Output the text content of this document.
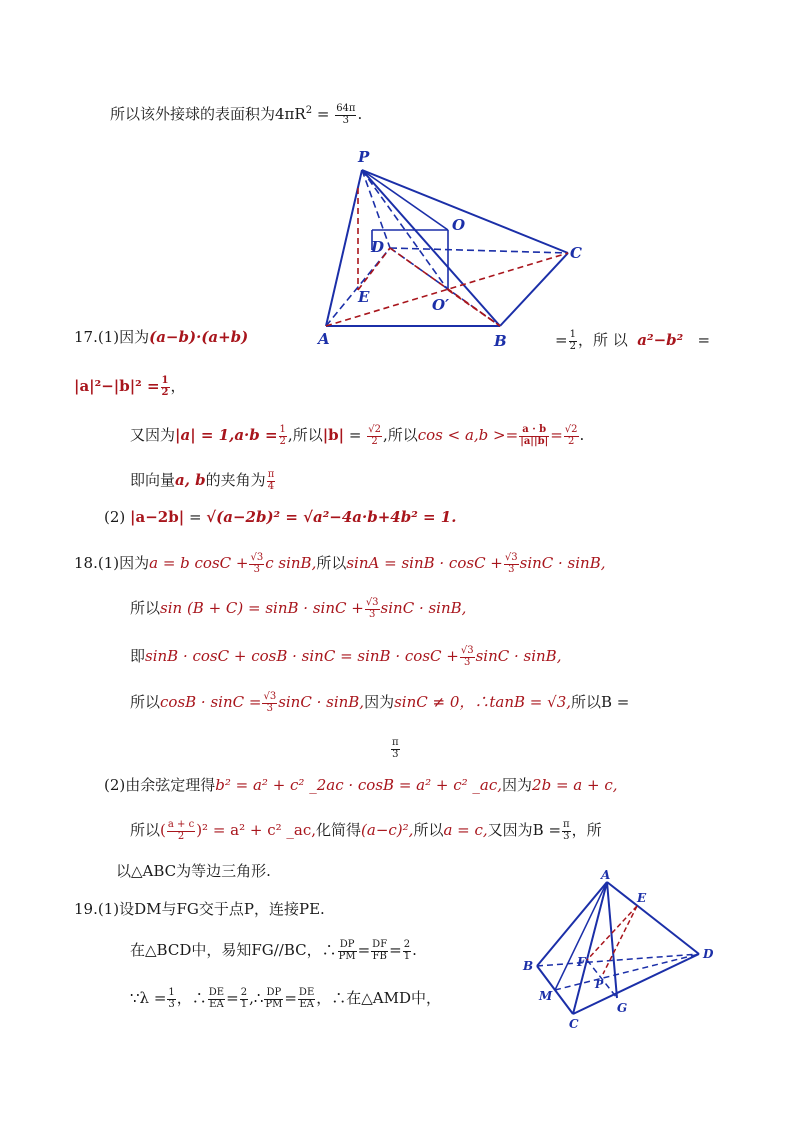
所以该外接球的表面积为$4\pi R^2 = \frac{64\pi}{3}$ .
P
O
D	C
E	O′
A	B
17.(1)因为(a−b)·(a+b)	= $\frac{1}{2}$ ，所 以 a²−b² =
$|a|^2-|b|^2 = \frac{1}{2}$ ，
又因为$|a| = 1,a\cdot b = \frac{1}{2}$ ,所以$|b| = \frac{√2}{2}$ ,所以$\cos < a,b >= \frac{a \cdot b}{|a||b|} = \frac{√2}{2}$ .
即向量a, b的夹角为 $\frac{\pi}{4}$
(2) |a−2b| = √(a−2b)² = √a²−4a·b+4b² = 1.
18.(1)因为a = b $\cos C + \frac{√3}{3}$ c sinB,所以$\sin A = \sin B \cdot \cos C + \frac{√3}{3}$ sinC · sinB,
所以$\sin (B + C) = \sin B \cdot \sin C + \frac{√3}{3}$ sinC · sinB,
即$\sin B \cdot \cos C + \cos B \cdot \sin C = \sin B \cdot \cos C + \frac{√3}{3}$ sinC · sinB,
所以$\cos B \cdot \sin C = \frac{√3}{3}$ sinC · sinB,因为sinC ≠ 0，∴tanB = √3,所以B =
$\frac{\pi}{3}$
(2)由余弦定理得b² = a² + c² _2ac · cosB = a² + c² _ac,因为2b = a + c,
所以( $\frac{a + c}{2} )^2 = a^2 + c^2$ _ac,化简得(a−c)²,所以a = c,又因为$B = \frac{\pi}{3}$ ，所
以△ABC为等边三角形.
19.(1)设DM与FG交于点P，连接PE.
在△BCD中，易知FG//BC，∴ $\frac{DP}{PM} = \frac{DF}{FB} = \frac{2}{1}$ .
∵λ = $\frac{1}{3}$ ，∴ $\frac{DE}{EA} = \frac{2}{1}$ ,∴ $\frac{DP}{PM} = \frac{DE}{EA}$ ，∴在△AMD中，
A
E
F
B
D
M
P
G
C
